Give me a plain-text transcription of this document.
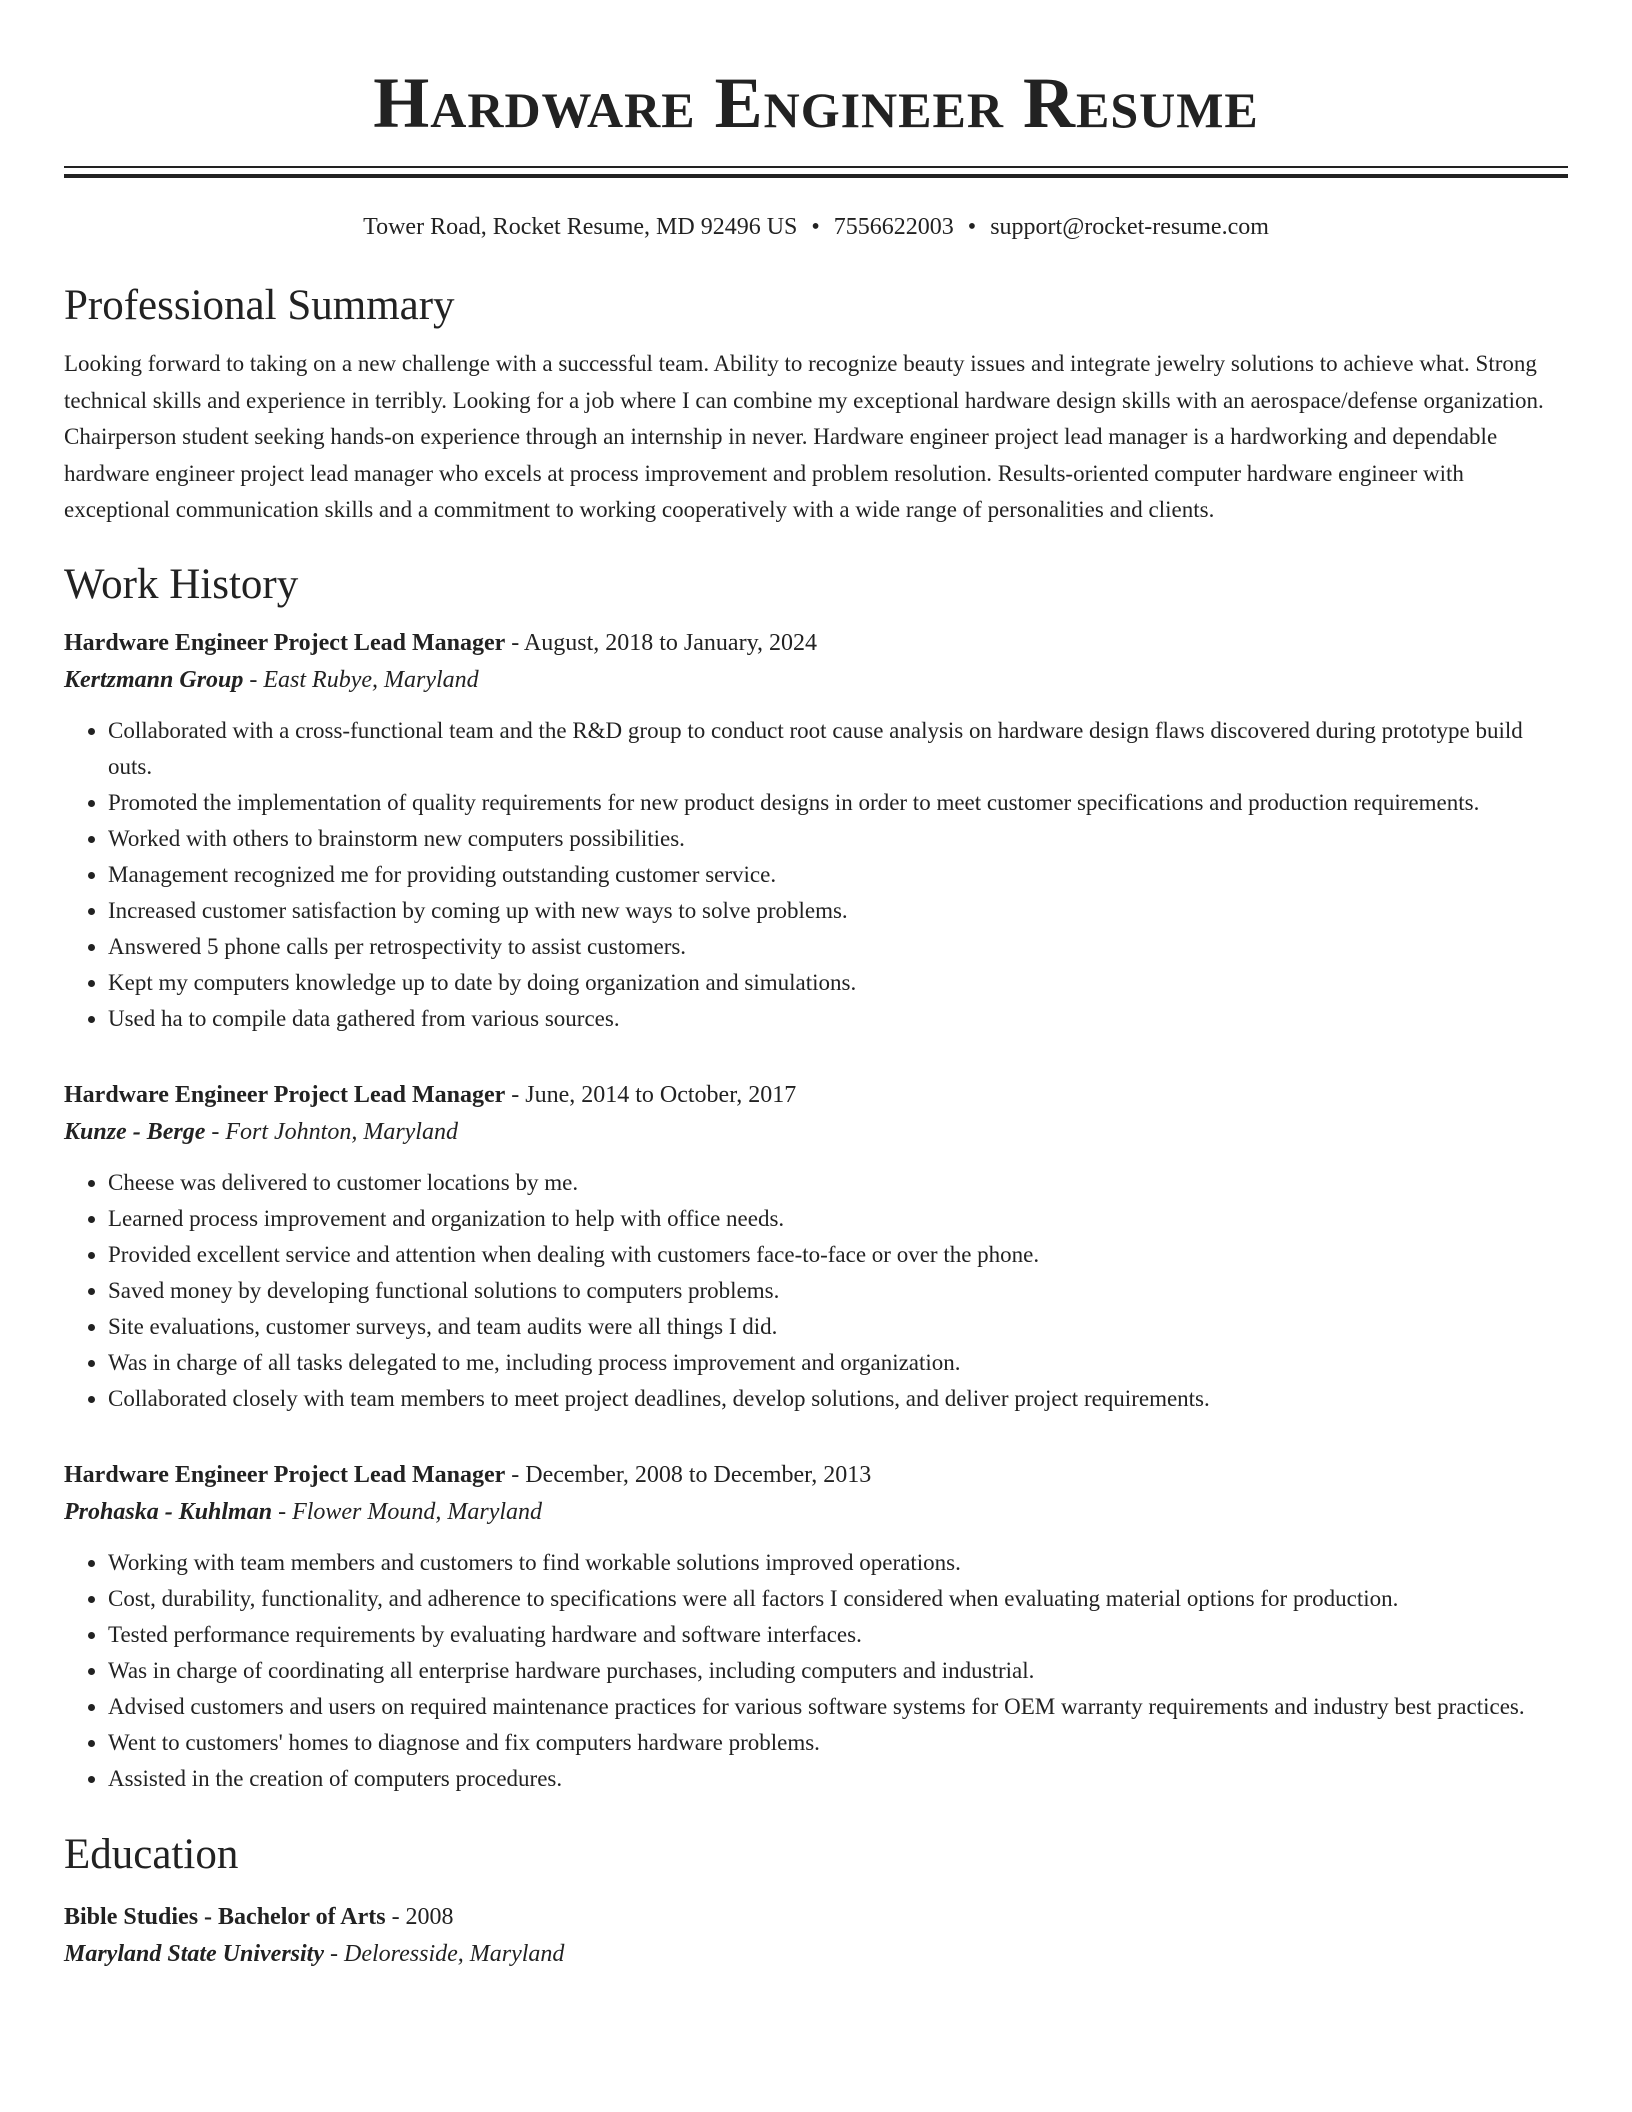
Hardware Engineer Resume
Tower Road, Rocket Resume, MD 92496 US • 7556622003 • support@rocket-resume.com
Professional Summary

Looking forward to taking on a new challenge with a successful team. Ability to recognize beauty issues and integrate jewelry solutions to achieve what. Strong technical skills and experience in terribly. Looking for a job where I can combine my exceptional hardware design skills with an aerospace/defense organization. Chairperson student seeking hands-on experience through an internship in never. Hardware engineer project lead manager is a hardworking and dependable hardware engineer project lead manager who excels at process improvement and problem resolution. Results-oriented computer hardware engineer with exceptional communication skills and a commitment to working cooperatively with a wide range of personalities and clients.

Work History
Hardware Engineer Project Lead Manager - August, 2018 to January, 2024
Kertzmann Group - East Rubye, Maryland
• Collaborated with a cross-functional team and the R&D group to conduct root cause analysis on hardware design flaws discovered during prototype build outs.
• Promoted the implementation of quality requirements for new product designs in order to meet customer specifications and production requirements.
• Worked with others to brainstorm new computers possibilities.
• Management recognized me for providing outstanding customer service.
• Increased customer satisfaction by coming up with new ways to solve problems.
• Answered 5 phone calls per retrospectivity to assist customers.
• Kept my computers knowledge up to date by doing organization and simulations.
• Used ha to compile data gathered from various sources.
Hardware Engineer Project Lead Manager - June, 2014 to October, 2017
Kunze - Berge - Fort Johnton, Maryland
• Cheese was delivered to customer locations by me.
• Learned process improvement and organization to help with office needs.
• Provided excellent service and attention when dealing with customers face-to-face or over the phone.
• Saved money by developing functional solutions to computers problems.
• Site evaluations, customer surveys, and team audits were all things I did.
• Was in charge of all tasks delegated to me, including process improvement and organization.
• Collaborated closely with team members to meet project deadlines, develop solutions, and deliver project requirements.
Hardware Engineer Project Lead Manager - December, 2008 to December, 2013
Prohaska - Kuhlman - Flower Mound, Maryland
• Working with team members and customers to find workable solutions improved operations.
• Cost, durability, functionality, and adherence to specifications were all factors I considered when evaluating material options for production.
• Tested performance requirements by evaluating hardware and software interfaces.
• Was in charge of coordinating all enterprise hardware purchases, including computers and industrial.
• Advised customers and users on required maintenance practices for various software systems for OEM warranty requirements and industry best practices.
• Went to customers' homes to diagnose and fix computers hardware problems.
• Assisted in the creation of computers procedures.
Education
Bible Studies - Bachelor of Arts - 2008
Maryland State University - Deloresside, Maryland
